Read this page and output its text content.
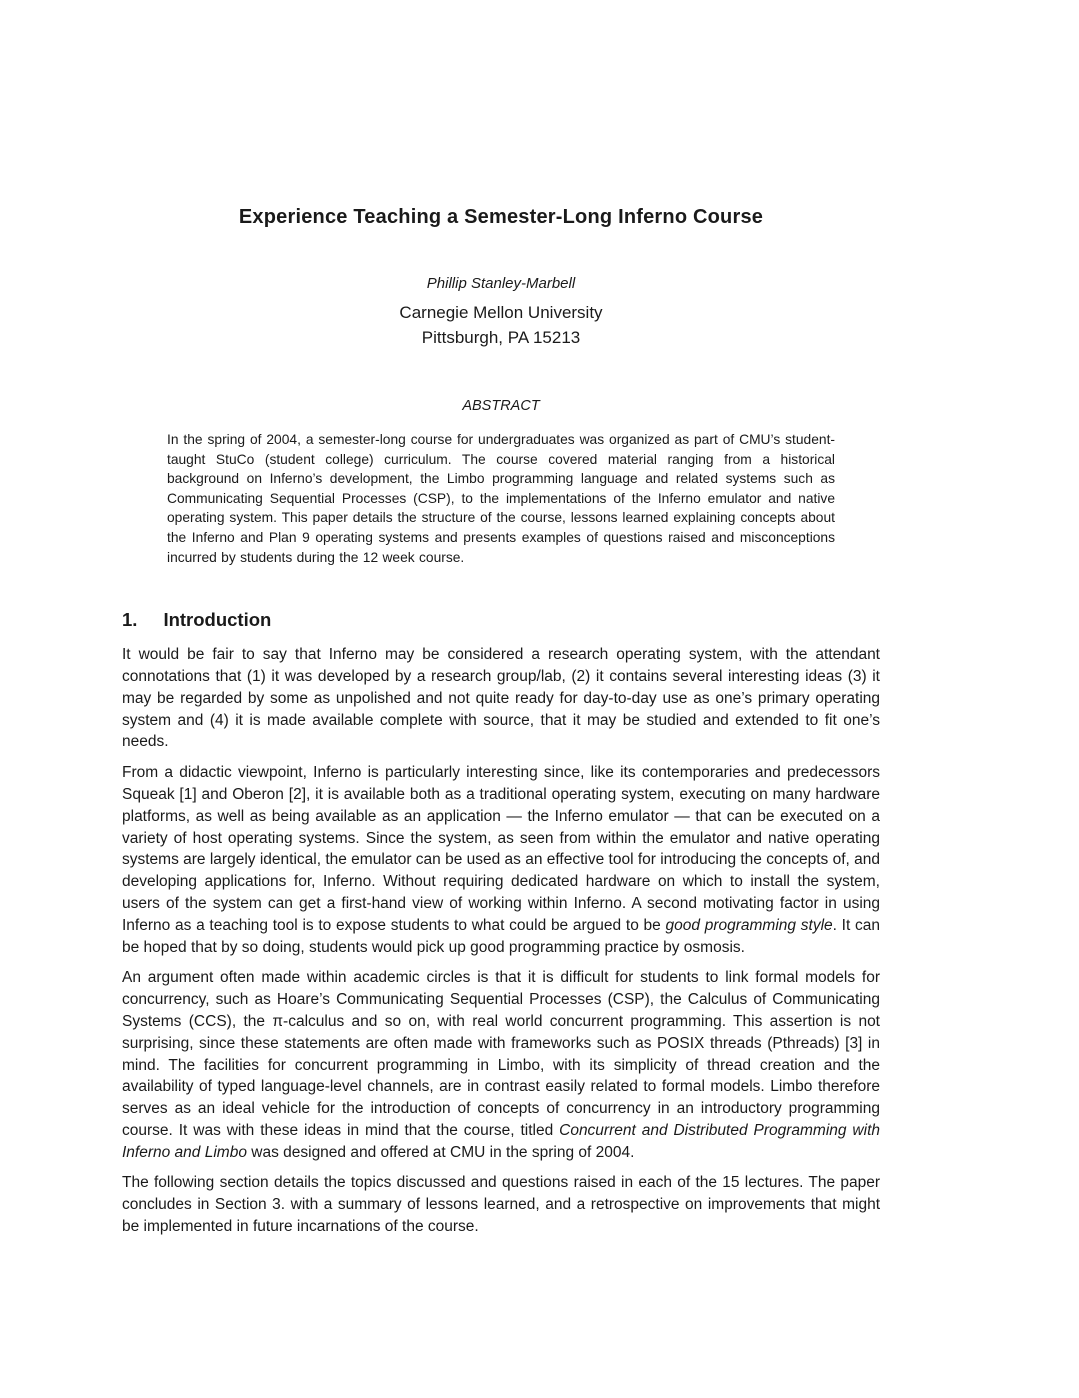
Experience Teaching a Semester-Long Inferno Course

Phillip Stanley-Marbell

Carnegie Mellon University

Pittsburgh, PA 15213

ABSTRACT

In the spring of 2004, a semester-long course for undergraduates was organized as part of CMU’s student-taught StuCo (student college) curriculum. The course covered material ranging from a historical background on Inferno’s development, the Limbo programming language and related systems such as Communicating Sequential Processes (CSP), to the implementations of the Inferno emulator and native operating system. This paper details the structure of the course, lessons learned explaining concepts about the Inferno and Plan 9 operating systems and presents examples of questions raised and misconceptions incurred by students during the 12 week course.

1. Introduction

It would be fair to say that Inferno may be considered a research operating system, with the attendant connotations that (1) it was developed by a research group/lab, (2) it contains several interesting ideas (3) it may be regarded by some as unpolished and not quite ready for day-to-day use as one’s primary operating system and (4) it is made available complete with source, that it may be studied and extended to fit one’s needs.

From a didactic viewpoint, Inferno is particularly interesting since, like its contemporaries and predecessors Squeak [1] and Oberon [2], it is available both as a traditional operating system, executing on many hardware platforms, as well as being available as an application — the Inferno emulator — that can be executed on a variety of host operating systems. Since the system, as seen from within the emulator and native operating systems are largely identical, the emulator can be used as an effective tool for introducing the concepts of, and developing applications for, Inferno. Without requiring dedicated hardware on which to install the system, users of the system can get a first-hand view of working within Inferno. A second motivating factor in using Inferno as a teaching tool is to expose students to what could be argued to be good programming style. It can be hoped that by so doing, students would pick up good programming practice by osmosis.

An argument often made within academic circles is that it is difficult for students to link formal models for concurrency, such as Hoare’s Communicating Sequential Processes (CSP), the Calculus of Communicating Systems (CCS), the π-calculus and so on, with real world concurrent programming. This assertion is not surprising, since these statements are often made with frameworks such as POSIX threads (Pthreads) [3] in mind. The facilities for concurrent programming in Limbo, with its simplicity of thread creation and the availability of typed language-level channels, are in contrast easily related to formal models. Limbo therefore serves as an ideal vehicle for the introduction of concepts of concurrency in an introductory programming course. It was with these ideas in mind that the course, titled Concurrent and Distributed Programming with Inferno and Limbo was designed and offered at CMU in the spring of 2004.

The following section details the topics discussed and questions raised in each of the 15 lectures. The paper concludes in Section 3. with a summary of lessons learned, and a retrospective on improvements that might be implemented in future incarnations of the course.
